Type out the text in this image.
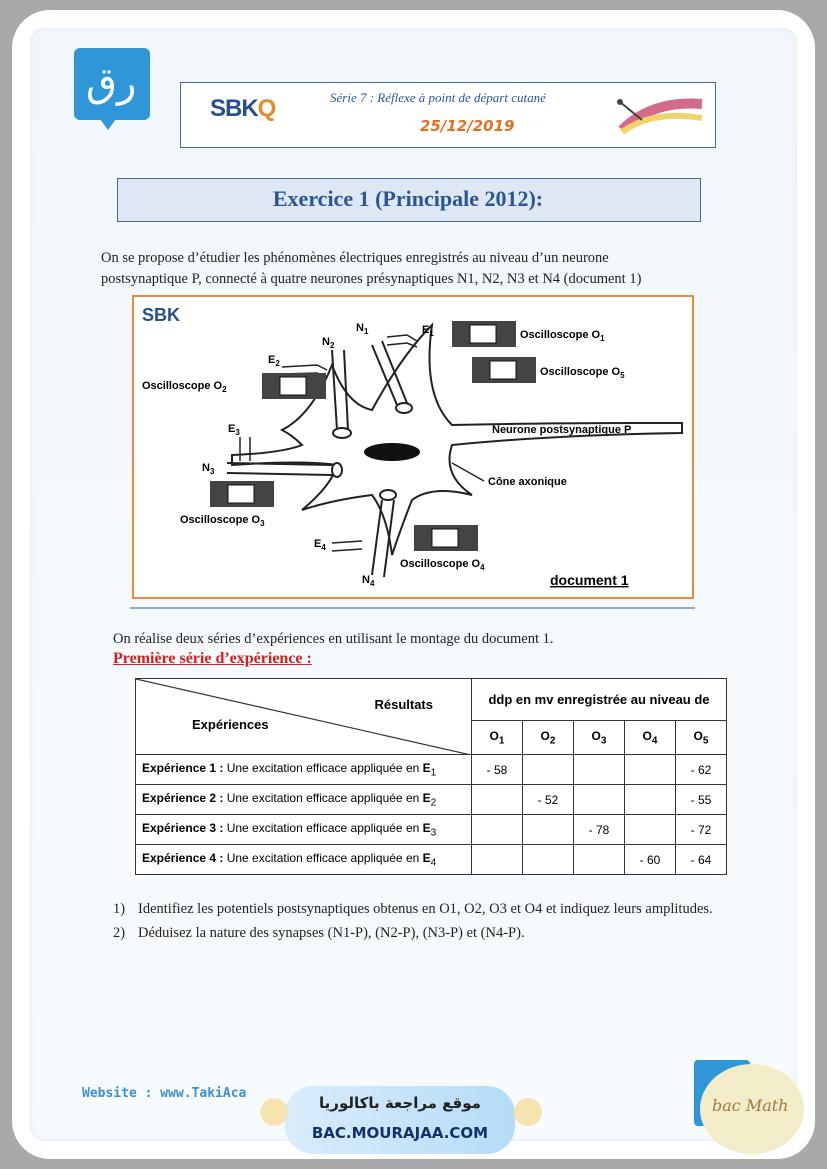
ﺭﻕ
SBKQ	Série 7 : Réflexe à point de départ cutané
25/12/2019
Exercice 1 (Principale 2012):
On se propose d’étudier les phénomènes électriques enregistrés au niveau d’un neurone
postsynaptique P, connecté à quatre neurones présynaptiques N1, N2, N3 et N4 (document 1)
SBK
$N_1$	$E_1$
$N_2$
$E_2$
Oscilloscope $O_1$
Oscilloscope $O_5$
Oscilloscope $O_2$
$E_3$
$N_3$
Neurone postsynaptique P
Cône axonique
Oscilloscope $O_3$
$E_4$
Oscilloscope $O_4$
$N_4$	document 1
On réalise deux séries d’expériences en utilisant le montage du document 1.
Première série d’expérience :
Résultats
Expériences	ddp en mv enregistrée au niveau de				
	$O_1$	$O_2$	$O_3$	$O_4$	$O_5$
Expérience 1 : Une excitation efficace appliquée en $E_1$	- 58				- 62
Expérience 2 : Une excitation efficace appliquée en $E_2$		- 52			- 55
Expérience 3 : Une excitation efficace appliquée en $E_3$			- 78		- 72
Expérience 4 : Une excitation efficace appliquée en $E_4$				- 60	- 64
1) Identifiez les potentiels postsynaptiques obtenus en O1, O2, O3 et O4 et indiquez leurs amplitudes.
2) Déduisez la nature des synapses (N1-P), (N2-P), (N3-P) et (N4-P).
Website : www.TakiAca
موقع مراجعة باكالوريا
BAC.MOURAJAA.COM
bac Math
